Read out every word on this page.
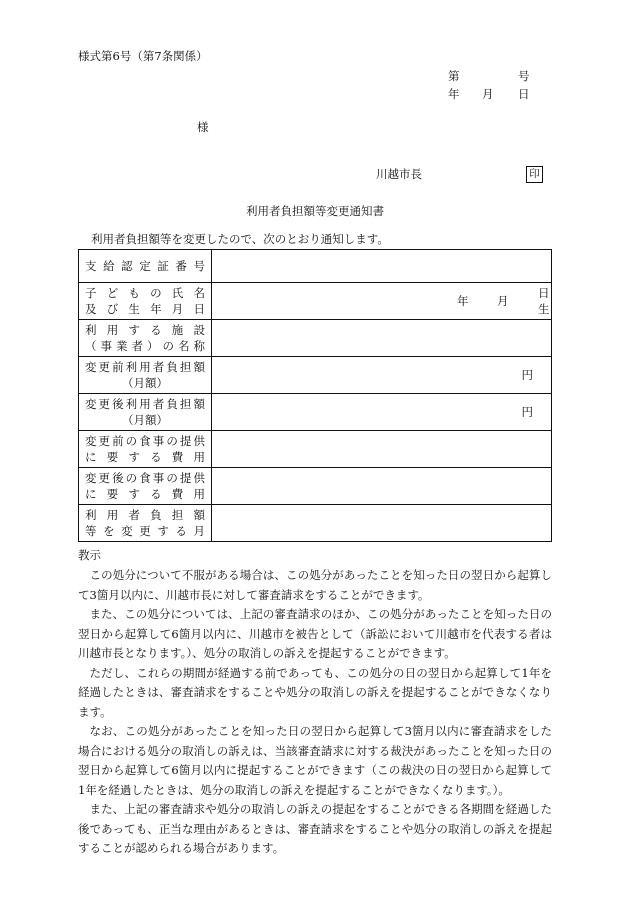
様式第6号（第7条関係）
第	号
年 月 日
様
川越市長	印
利用者負担額等変更通知書
利用者負担額等を変更したので、次のとおり通知します。
支給認定証番号	

子どもの氏名
及び生年月日	年 月
日生

利用する施設
（事業者）の名称	

変更前利用者負担額
（月額）	円

変更後利用者負担額
（月額）	円

変更前の食事の提供
に要する費用	

変更後の食事の提供
に要する費用	

利用者負担額
等を変更する月	

教示

この処分について不服がある場合は、この処分があったことを知った日の翌日から起算して3箇月以内に、川越市長に対して審査請求をすることができます。

また、この処分については、上記の審査請求のほか、この処分があったことを知った日の翌日から起算して6箇月以内に、川越市を被告として（訴訟において川越市を代表する者は川越市長となります。）、処分の取消しの訴えを提起することができます。

ただし、これらの期間が経過する前であっても、この処分の日の翌日から起算して1年を経過したときは、審査請求をすることや処分の取消しの訴えを提起することができなくなります。

なお、この処分があったことを知った日の翌日から起算して3箇月以内に審査請求をした場合における処分の取消しの訴えは、当該審査請求に対する裁決があったことを知った日の翌日から起算して6箇月以内に提起することができます（この裁決の日の翌日から起算して1年を経過したときは、処分の取消しの訴えを提起することができなくなります。）。

また、上記の審査請求や処分の取消しの訴えの提起をすることができる各期間を経過した後であっても、正当な理由があるときは、審査請求をすることや処分の取消しの訴えを提起することが認められる場合があります。
